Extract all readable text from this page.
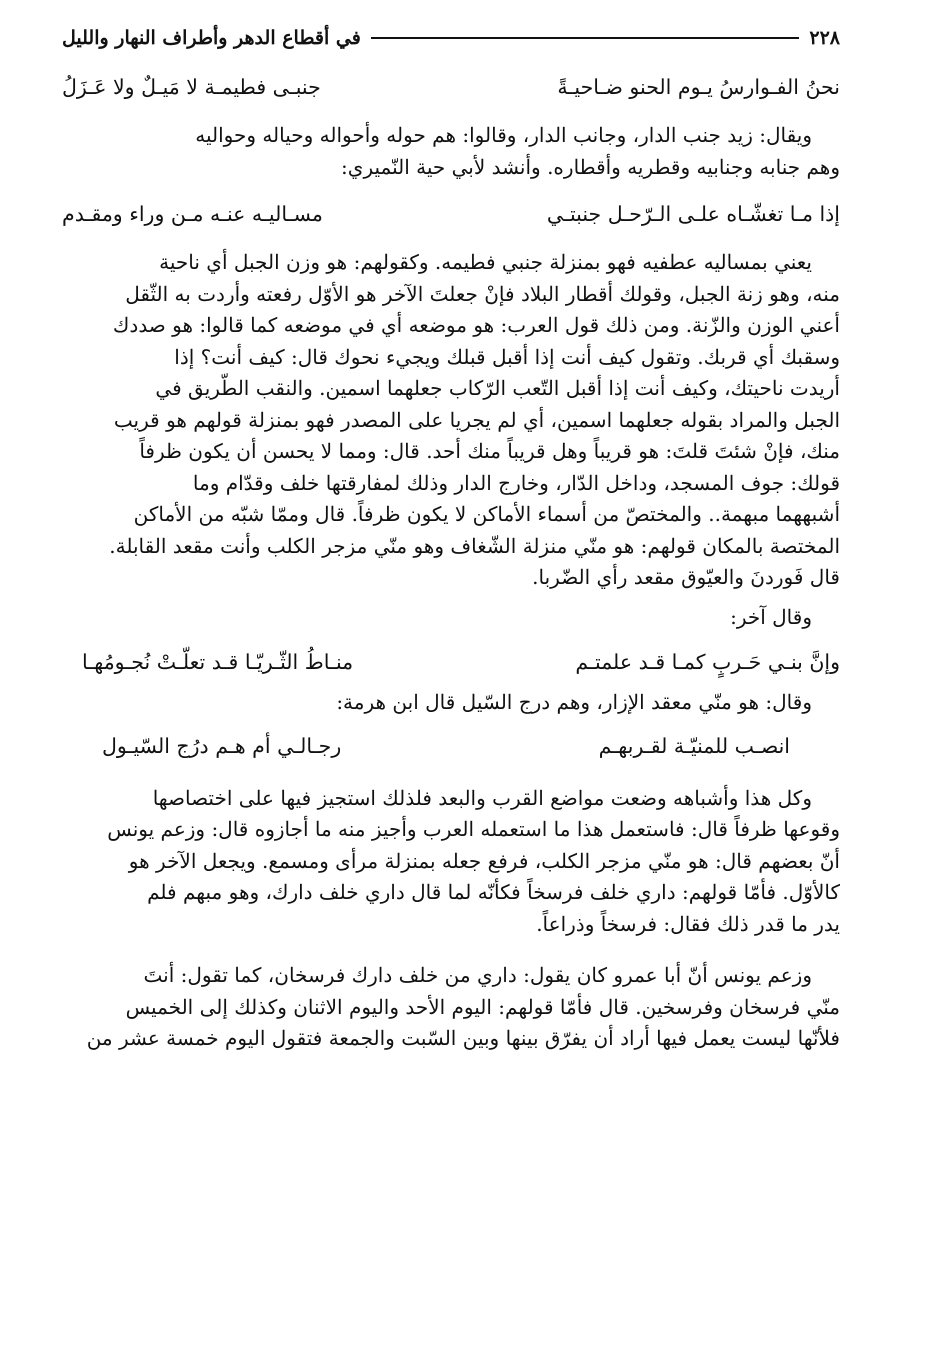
٢٢٨
في أقطاع الدهر وأطراف النهار والليل
نحنُ الفـوارسُ يـوم الحنو ضـاحيـةً
جنبـى فطيمـة لا مَيـلٌ ولا عَـزَلُ
ويقال: زيد جنب الدار، وجانب الدار، وقالوا: هم حوله وأحواله وحياله وحواليه
وهم جنابه وجنابيه وقطريه وأقطاره. وأنشد لأبي حية النّميري:
إذا مـا تغشّـاه علـى الـرّحـل جنبتـي
مسـاليـه عنـه مـن وراء ومقـدم
يعني بمساليه عطفيه فهو بمنزلة جنبي فطيمه. وكقولهم: هو وزن الجبل أي ناحية
منه، وهو زنة الجبل، وقولك أقطار البلاد فإنْ جعلتَ الآخر هو الأوّل رفعته وأردت به الثّقل
أعني الوزن والزّنة. ومن ذلك قول العرب: هو موضعه أي في موضعه كما قالوا: هو صددك
وسقبك أي قربك. وتقول كيف أنت إذا أقبل قبلك ويجيء نحوك قال: كيف أنت؟ إذا
أريدت ناحيتك، وكيف أنت إذا أقبل التّعب الرّكاب جعلهما اسمين. والنقب الطّريق في
الجبل والمراد بقوله جعلهما اسمين، أي لم يجريا على المصدر فهو بمنزلة قولهم هو قريب
منك، فإنْ شئتَ قلتَ: هو قريباً وهل قريباً منك أحد. قال: ومما لا يحسن أن يكون ظرفاً
قولك: جوف المسجد، وداخل الدّار، وخارج الدار وذلك لمفارقتها خلف وقدّام وما
أشبههما مبهمة.. والمختصّ من أسماء الأماكن لا يكون ظرفاً. قال وممّا شبّه من الأماكن
المختصة بالمكان قولهم: هو منّي منزلة الشّغاف وهو منّي مزجر الكلب وأنت مقعد القابلة.
قال فَوردنَ والعيّوق مقعد رأي الضّربا.
وقال آخر:
وإنَّ بنـي حَـربٍ كمـا قـد علمتـم
منـاطُ الثّـريّـا قـد تعلّـتْ نُجـومُهـا
وقال: هو منّي معقد الإزار، وهم درج السّيل قال ابن هرمة:
انصـب للمنيّـة لقـربهـم
رجـالـي أم هـم درُج السّيـول
وكل هذا وأشباهه وضعت مواضع القرب والبعد فلذلك استجيز فيها على اختصاصها
وقوعها ظرفاً قال: فاستعمل هذا ما استعمله العرب وأجيز منه ما أجازوه قال: وزعم يونس
أنّ بعضهم قال: هو منّي مزجر الكلب، فرفع جعله بمنزلة مرأى ومسمع. ويجعل الآخر هو
كالأوّل. فأمّا قولهم: داري خلف فرسخاً فكأنّه لما قال داري خلف دارك، وهو مبهم فلم
يدر ما قدر ذلك فقال: فرسخاً وذراعاً.
وزعم يونس أنّ أبا عمرو كان يقول: داري من خلف دارك فرسخان، كما تقول: أنتَ
منّي فرسخان وفرسخين. قال فأمّا قولهم: اليوم الأحد واليوم الاثنان وكذلك إلى الخميس
فلأنّها ليست يعمل فيها أراد أن يفرّق بينها وبين السّبت والجمعة فتقول اليوم خمسة عشر من
